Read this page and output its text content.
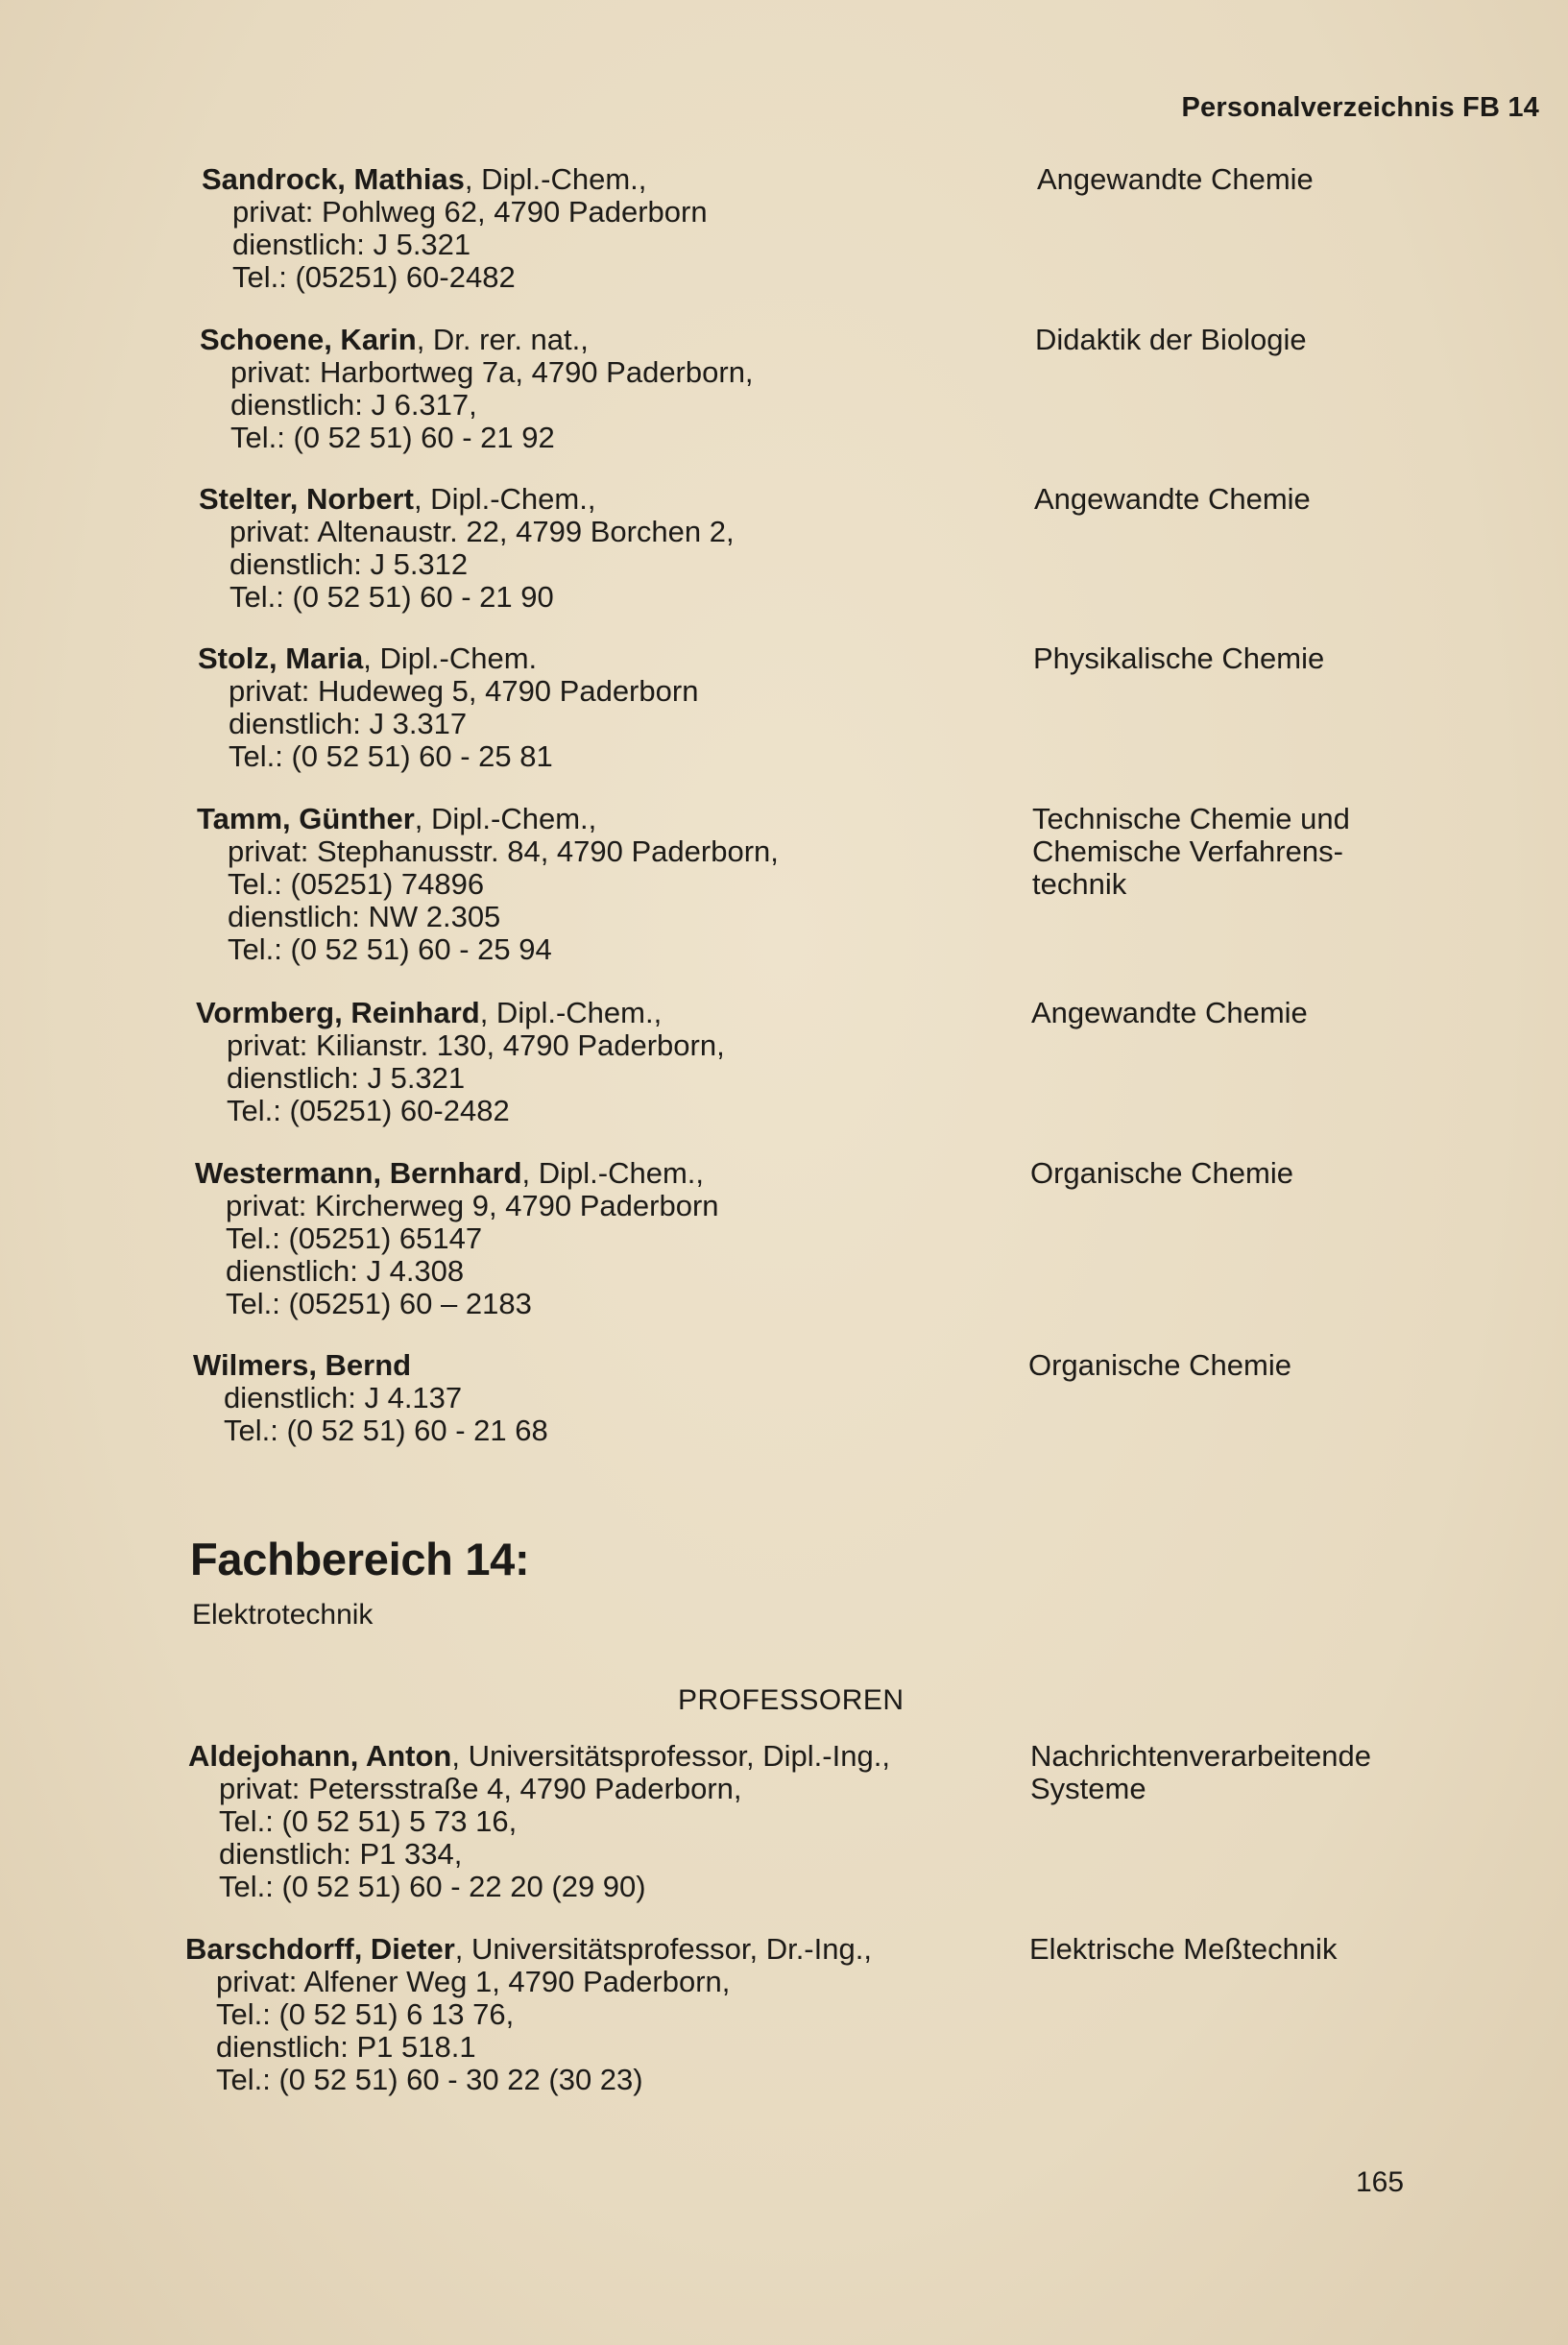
Personalverzeichnis FB 14
Sandrock, Mathias, Dipl.-Chem.,
privat: Pohlweg 62, 4790 Paderborn
dienstlich: J 5.321
Tel.: (05251) 60-2482
Angewandte Chemie
Schoene, Karin, Dr. rer. nat.,
privat: Harbortweg 7a, 4790 Paderborn,
dienstlich: J 6.317,
Tel.: (0 52 51) 60 - 21 92
Didaktik der Biologie
Stelter, Norbert, Dipl.-Chem.,
privat: Altenaustr. 22, 4799 Borchen 2,
dienstlich: J 5.312
Tel.: (0 52 51) 60 - 21 90
Angewandte Chemie
Stolz, Maria, Dipl.-Chem.
privat: Hudeweg 5, 4790 Paderborn
dienstlich: J 3.317
Tel.: (0 52 51) 60 - 25 81
Physikalische Chemie
Tamm, Günther, Dipl.-Chem.,
privat: Stephanusstr. 84, 4790 Paderborn,
Tel.: (05251) 74896
dienstlich: NW 2.305
Tel.: (0 52 51) 60 - 25 94
Technische Chemie und
Chemische Verfahrens-
technik
Vormberg, Reinhard, Dipl.-Chem.,
privat: Kilianstr. 130, 4790 Paderborn,
dienstlich: J 5.321
Tel.: (05251) 60-2482
Angewandte Chemie
Westermann, Bernhard, Dipl.-Chem.,
privat: Kircherweg 9, 4790 Paderborn
Tel.: (05251) 65147
dienstlich: J 4.308
Tel.: (05251) 60 – 2183
Organische Chemie
Wilmers, Bernd
dienstlich: J 4.137
Tel.: (0 52 51) 60 - 21 68
Organische Chemie
Fachbereich 14:
Elektrotechnik
PROFESSOREN
Aldejohann, Anton, Universitätsprofessor, Dipl.-Ing.,
privat: Petersstraße 4, 4790 Paderborn,
Tel.: (0 52 51) 5 73 16,
dienstlich: P1 334,
Tel.: (0 52 51) 60 - 22 20 (29 90)
Nachrichtenverarbeitende
Systeme
Barschdorff, Dieter, Universitätsprofessor, Dr.-Ing.,
privat: Alfener Weg 1, 4790 Paderborn,
Tel.: (0 52 51) 6 13 76,
dienstlich: P1 518.1
Tel.: (0 52 51) 60 - 30 22 (30 23)
Elektrische Meßtechnik
165
